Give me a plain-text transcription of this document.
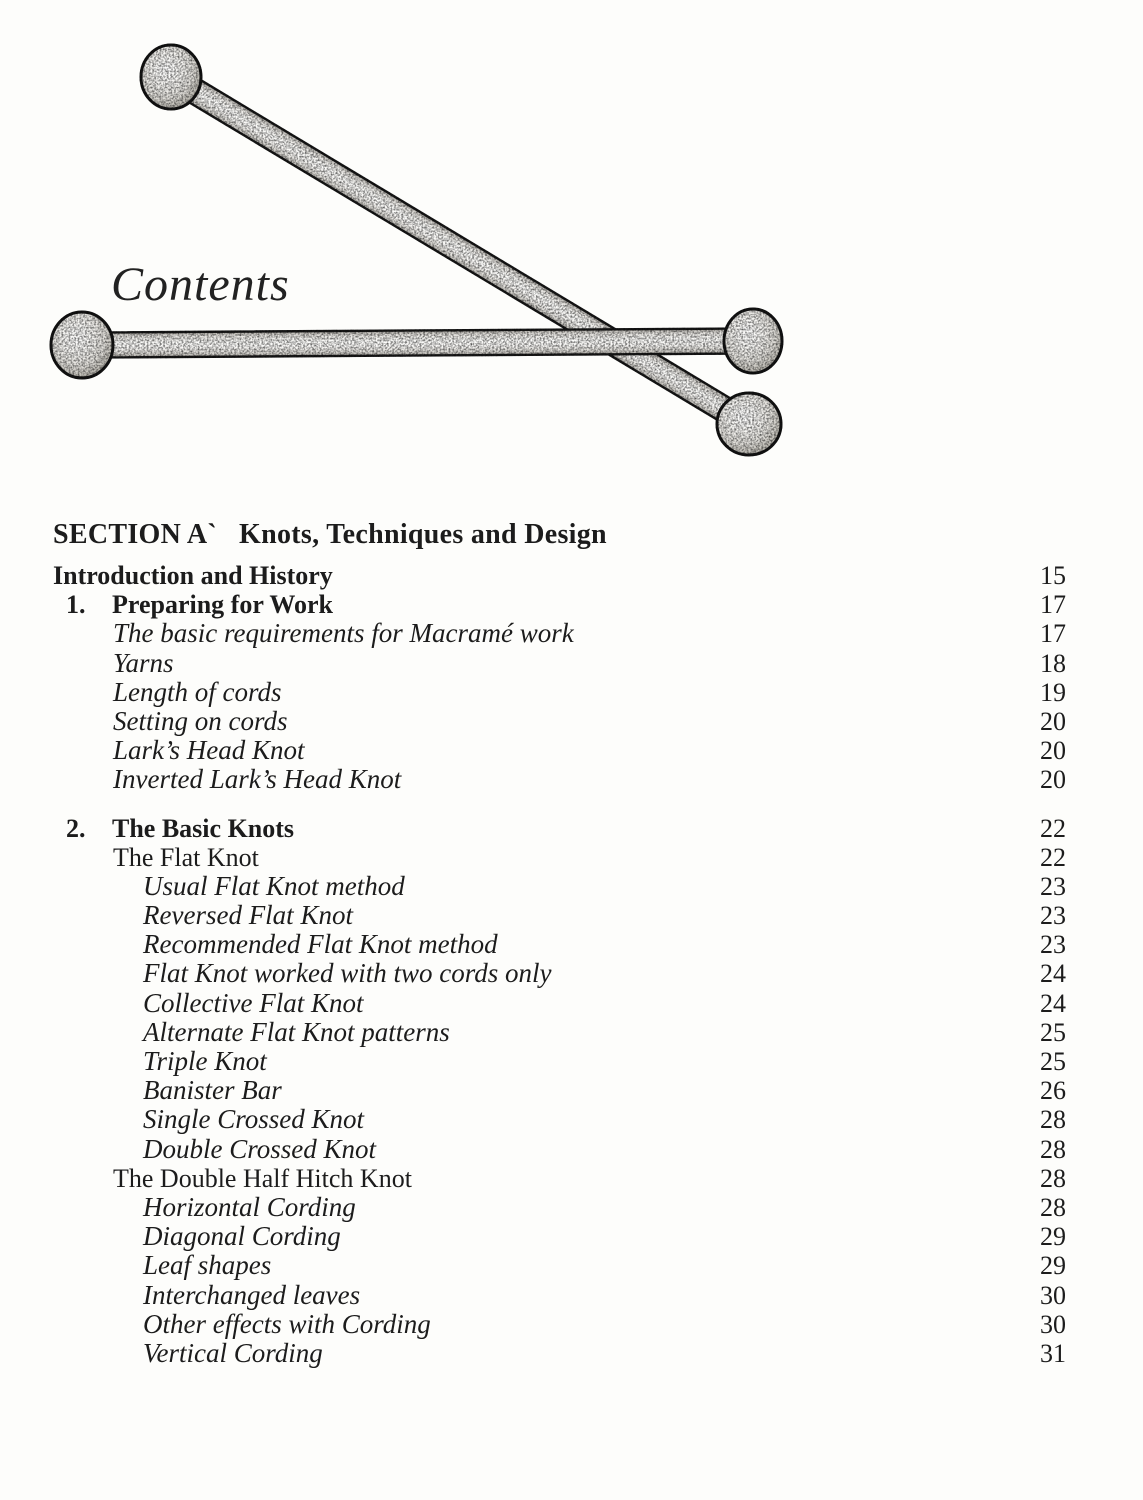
Contents
SECTION A` Knots, Techniques and Design
Introduction and History	15
1.	Preparing for Work	17
The basic requirements for Macramé work	17
Yarns	18
Length of cords	19
Setting on cords	20
Lark’s Head Knot	20
Inverted Lark’s Head Knot	20
2.	The Basic Knots	22
The Flat Knot	22
Usual Flat Knot method	23
Reversed Flat Knot	23
Recommended Flat Knot method	23
Flat Knot worked with two cords only	24
Collective Flat Knot	24
Alternate Flat Knot patterns	25
Triple Knot	25
Banister Bar	26
Single Crossed Knot	28
Double Crossed Knot	28
The Double Half Hitch Knot	28
Horizontal Cording	28
Diagonal Cording	29
Leaf shapes	29
Interchanged leaves	30
Other effects with Cording	30
Vertical Cording	31
